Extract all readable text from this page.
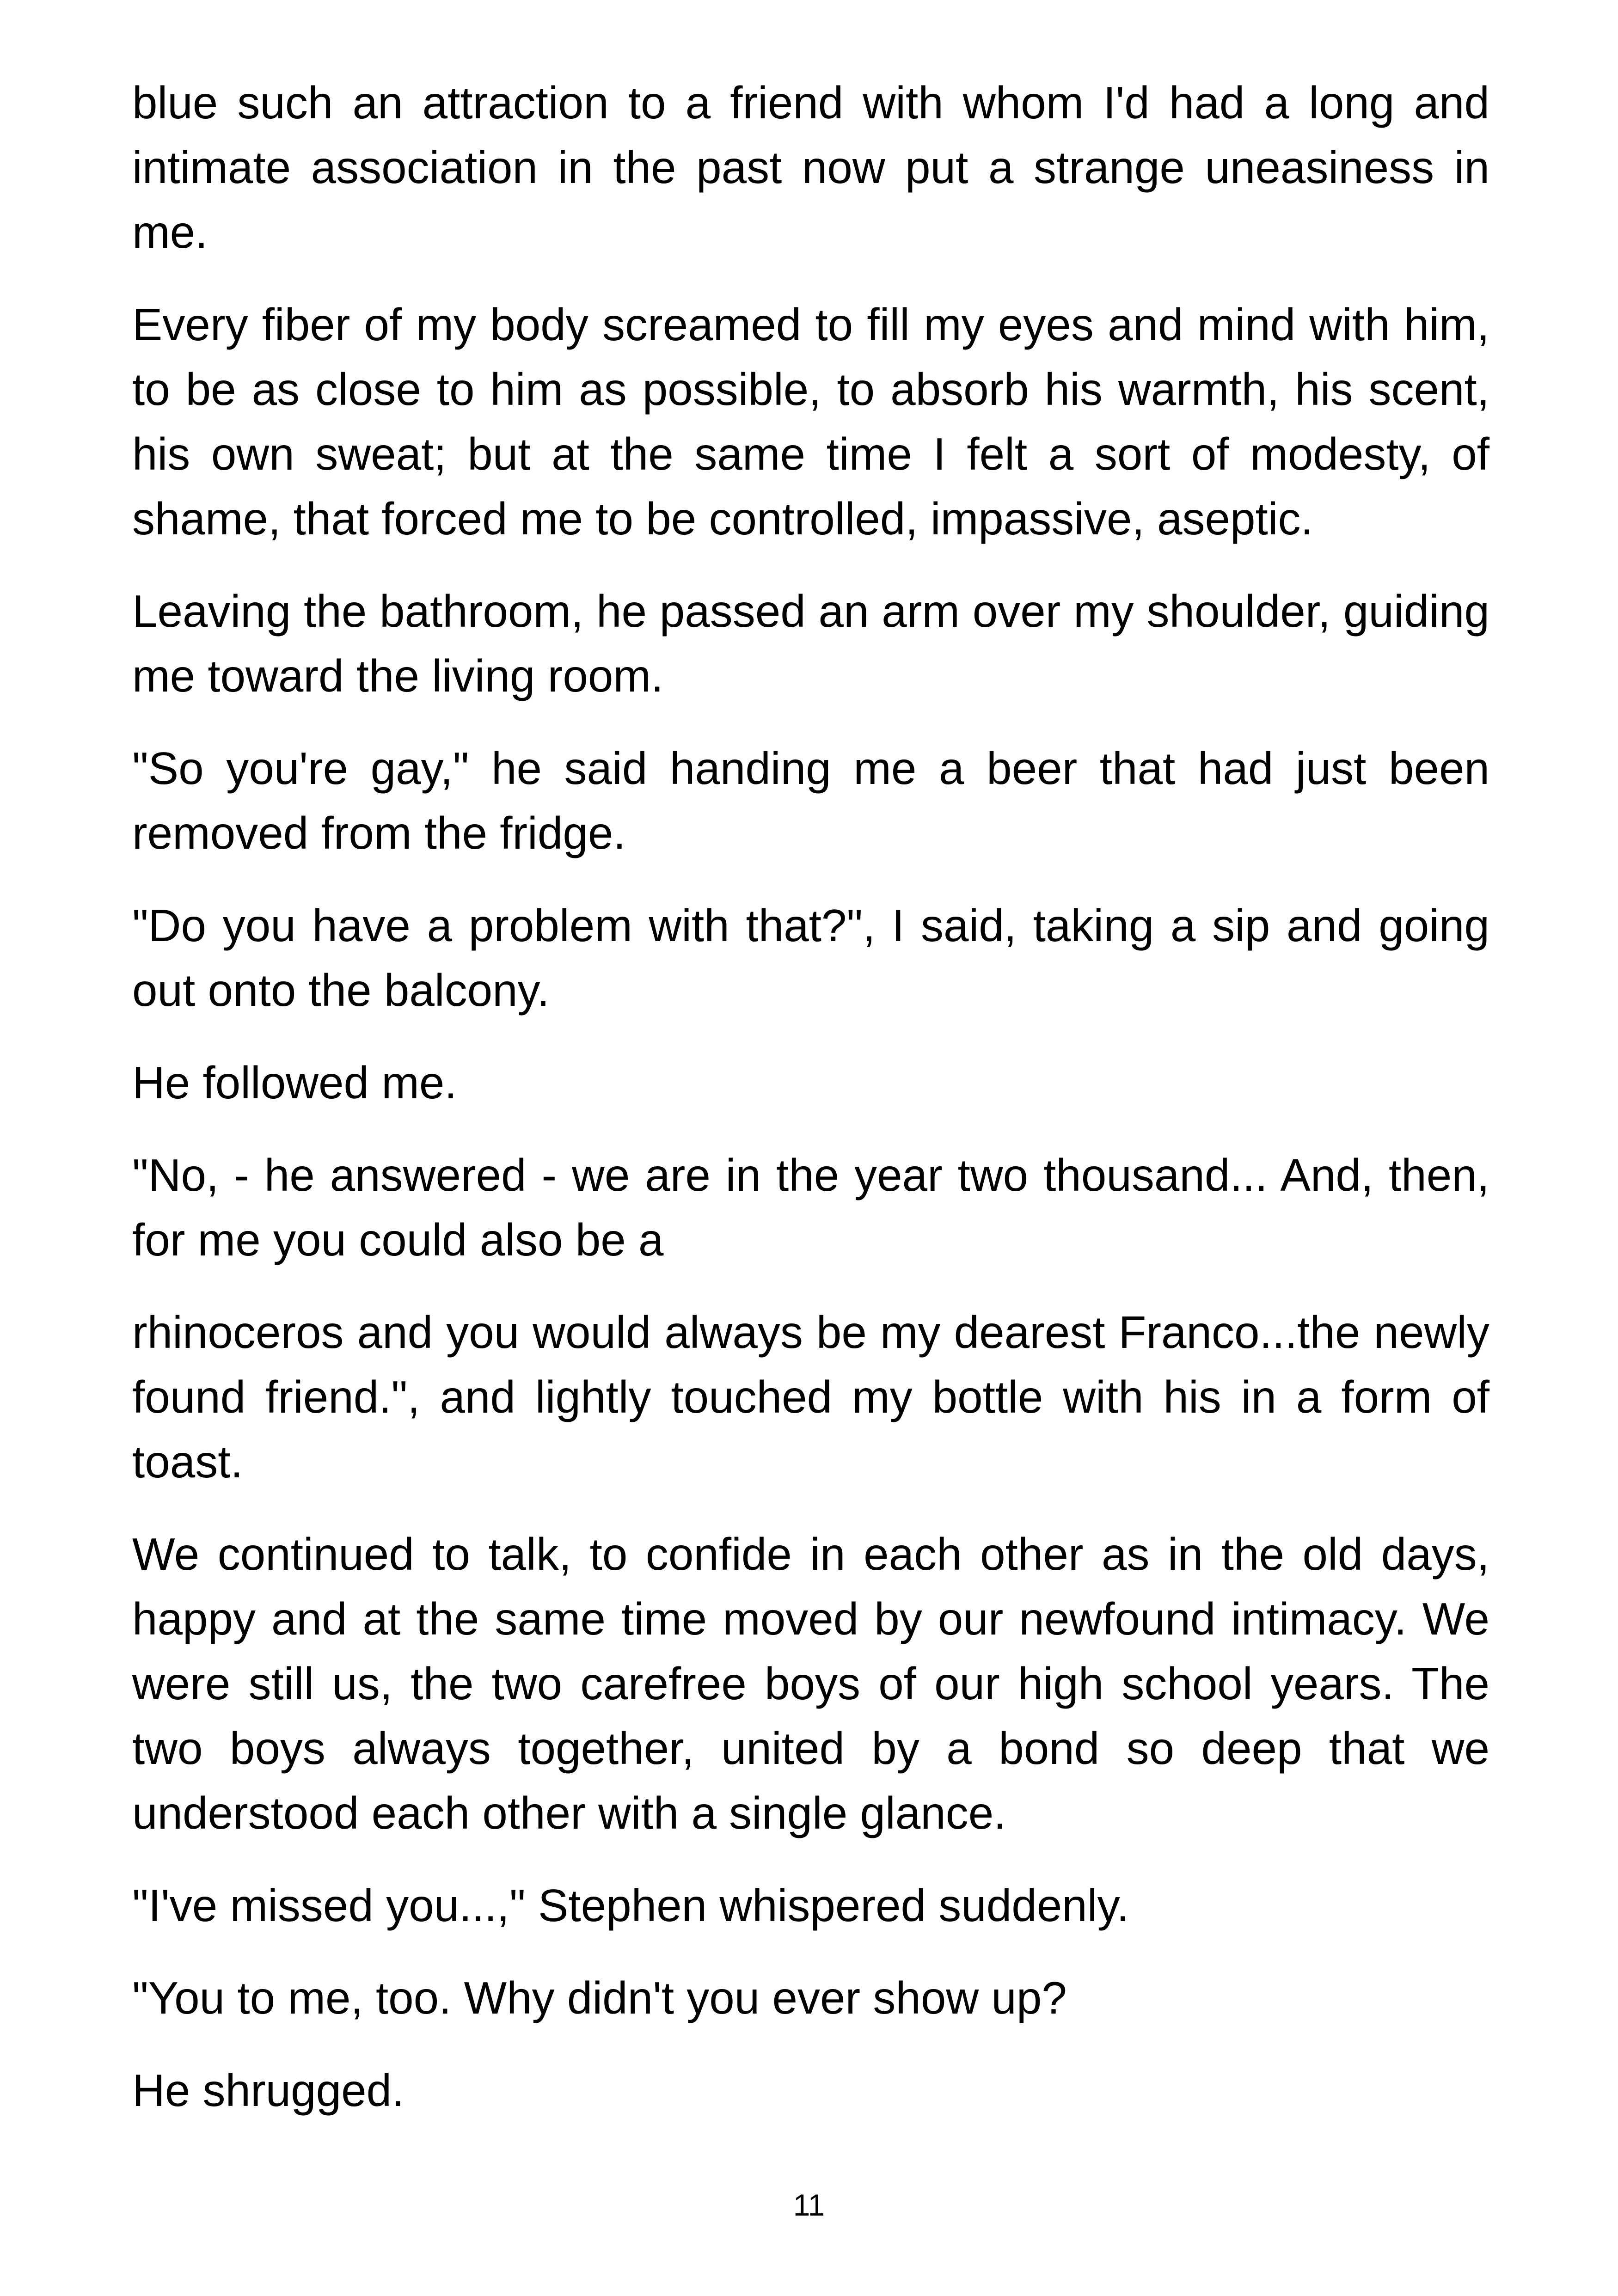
blue such an attraction to a friend with whom I'd had a long and intimate association in the past now put a strange uneasiness in me.

Every fiber of my body screamed to fill my eyes and mind with him, to be as close to him as possible, to absorb his warmth, his scent, his own sweat; but at the same time I felt a sort of modesty, of shame, that forced me to be controlled, impassive, aseptic.

Leaving the bathroom, he passed an arm over my shoulder, guiding me toward the living room.

"So you're gay," he said handing me a beer that had just been removed from the fridge.

"Do you have a problem with that?", I said, taking a sip and going out onto the balcony.

He followed me.

"No, - he answered - we are in the year two thousand... And, then, for me you could also be a

rhinoceros and you would always be my dearest Franco...the newly found friend.", and lightly touched my bottle with his in a form of toast.

We continued to talk, to confide in each other as in the old days, happy and at the same time moved by our newfound intimacy. We were still us, the two carefree boys of our high school years. The two boys always together, united by a bond so deep that we understood each other with a single glance.

"I've missed you...," Stephen whispered suddenly.

"You to me, too. Why didn't you ever show up?

He shrugged.

11
